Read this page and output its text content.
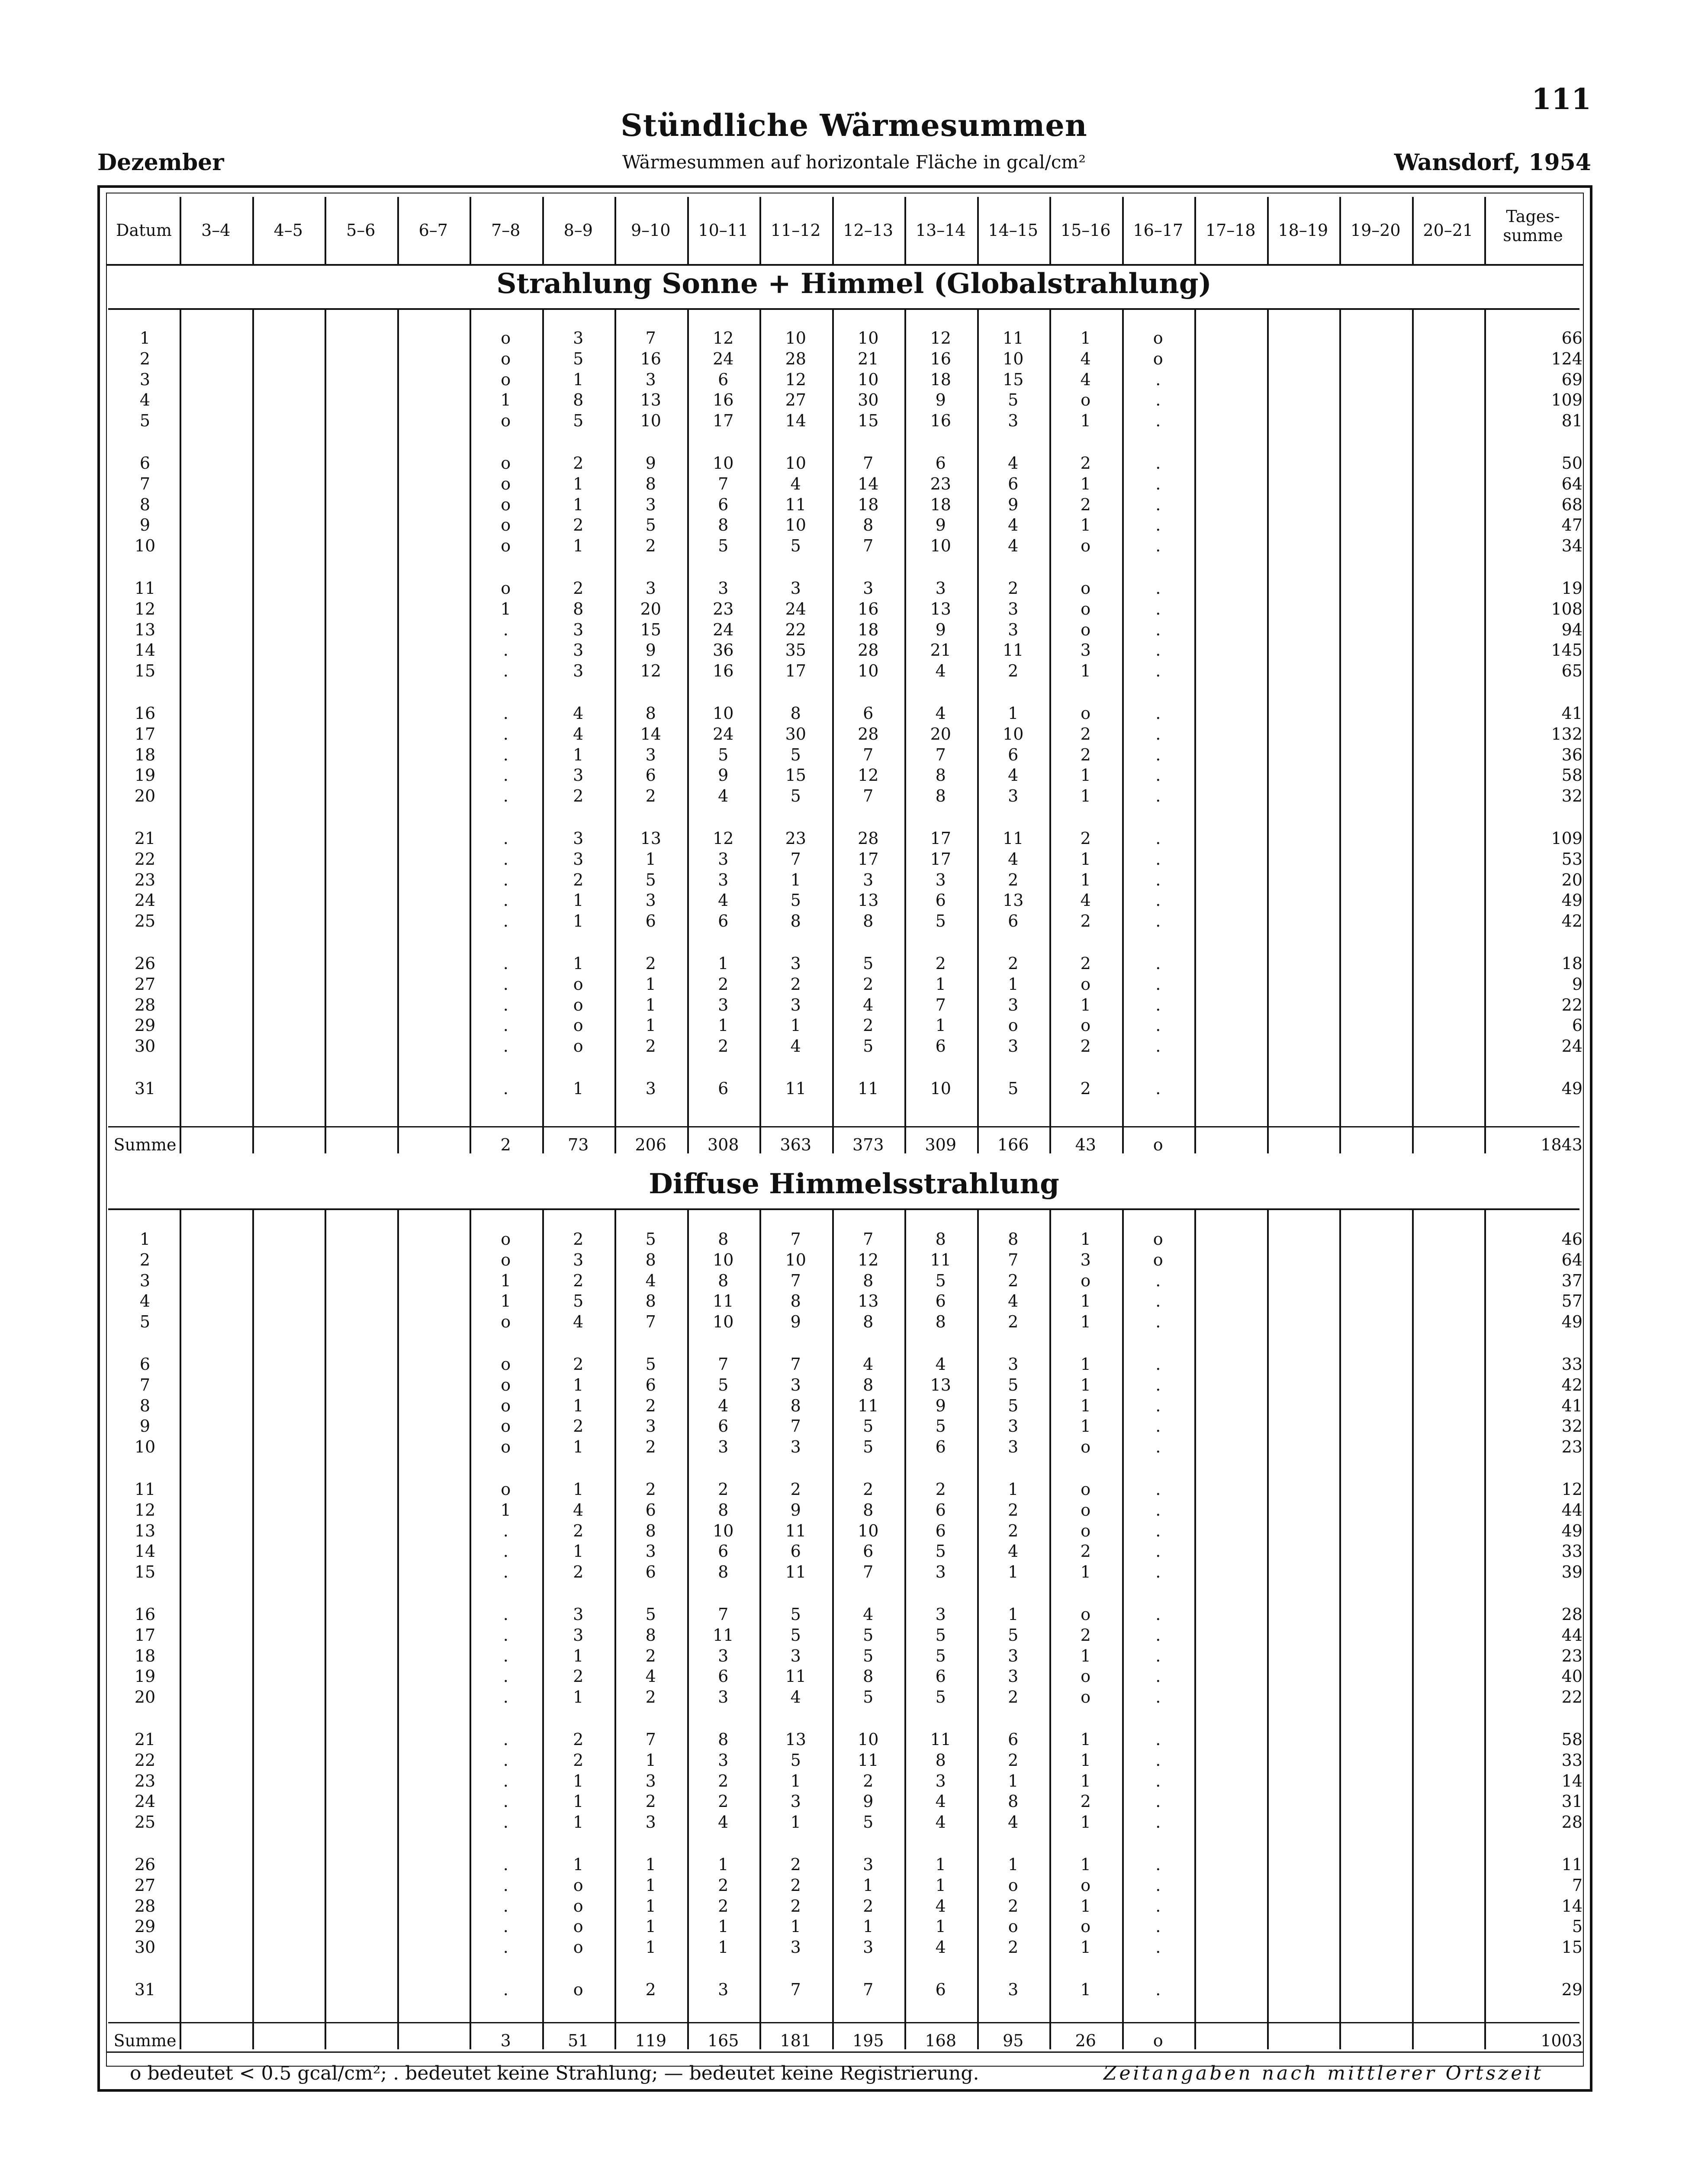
111
Stündliche Wärmesummen
Wärmesummen auf horizontale Fläche in gcal/cm²
Dezember	Wansdorf, 1954
Datum	3–4	4–5	5–6	6–7	7–8	8–9	9–10	10–11	11–12	12–13	13–14	14–15	15–16	16–17	17–18	18–19	19–20	20–21
Tages-
summe
Strahlung Sonne + Himmel (Globalstrahlung)
1	o	3	7	12	10	10	12	11	1	o	66
2	o	5	16	24	28	21	16	10	4	o	124
3	o	1	3	6	12	10	18	15	4	.	69
4	1	8	13	16	27	30	9	5	o	.	109
5	o	5	10	17	14	15	16	3	1	.	81
6	o	2	9	10	10	7	6	4	2	.	50
7	o	1	8	7	4	14	23	6	1	.	64
8	o	1	3	6	11	18	18	9	2	.	68
9	o	2	5	8	10	8	9	4	1	.	47
10	o	1	2	5	5	7	10	4	o	.	34
11	o	2	3	3	3	3	3	2	o	.	19
12	1	8	20	23	24	16	13	3	o	.	108
13	.	3	15	24	22	18	9	3	o	.	94
14	.	3	9	36	35	28	21	11	3	.	145
15	.	3	12	16	17	10	4	2	1	.	65
16	.	4	8	10	8	6	4	1	o	.	41
17	.	4	14	24	30	28	20	10	2	.	132
18	.	1	3	5	5	7	7	6	2	.	36
19	.	3	6	9	15	12	8	4	1	.	58
20	.	2	2	4	5	7	8	3	1	.	32
21	.	3	13	12	23	28	17	11	2	.	109
22	.	3	1	3	7	17	17	4	1	.	53
23	.	2	5	3	1	3	3	2	1	.	20
24	.	1	3	4	5	13	6	13	4	.	49
25	.	1	6	6	8	8	5	6	2	.	42
26	.	1	2	1	3	5	2	2	2	.	18
27	.	o	1	2	2	2	1	1	o	.	9
28	.	o	1	3	3	4	7	3	1	.	22
29	.	o	1	1	1	2	1	o	o	.	6
30	.	o	2	2	4	5	6	3	2	.	24
31	.	1	3	6	11	11	10	5	2	.	49
Summe	2	73	206	308	363	373	309	166	43	o	1843
Diffuse Himmelsstrahlung
1	o	2	5	8	7	7	8	8	1	o	46
2	o	3	8	10	10	12	11	7	3	o	64
3	1	2	4	8	7	8	5	2	o	.	37
4	1	5	8	11	8	13	6	4	1	.	57
5	o	4	7	10	9	8	8	2	1	.	49
6	o	2	5	7	7	4	4	3	1	.	33
7	o	1	6	5	3	8	13	5	1	.	42
8	o	1	2	4	8	11	9	5	1	.	41
9	o	2	3	6	7	5	5	3	1	.	32
10	o	1	2	3	3	5	6	3	o	.	23
11	o	1	2	2	2	2	2	1	o	.	12
12	1	4	6	8	9	8	6	2	o	.	44
13	.	2	8	10	11	10	6	2	o	.	49
14	.	1	3	6	6	6	5	4	2	.	33
15	.	2	6	8	11	7	3	1	1	.	39
16	.	3	5	7	5	4	3	1	o	.	28
17	.	3	8	11	5	5	5	5	2	.	44
18	.	1	2	3	3	5	5	3	1	.	23
19	.	2	4	6	11	8	6	3	o	.	40
20	.	1	2	3	4	5	5	2	o	.	22
21	.	2	7	8	13	10	11	6	1	.	58
22	.	2	1	3	5	11	8	2	1	.	33
23	.	1	3	2	1	2	3	1	1	.	14
24	.	1	2	2	3	9	4	8	2	.	31
25	.	1	3	4	1	5	4	4	1	.	28
26	.	1	1	1	2	3	1	1	1	.	11
27	.	o	1	2	2	1	1	o	o	.	7
28	.	o	1	2	2	2	4	2	1	.	14
29	.	o	1	1	1	1	1	o	o	.	5
30	.	o	1	1	3	3	4	2	1	.	15
31	.	o	2	3	7	7	6	3	1	.	29
Summe	3	51	119	165	181	195	168	95	26	o	1003
o bedeutet < 0.5 gcal/cm²; . bedeutet keine Strahlung; — bedeutet keine Registrierung.	Zeitangaben nach mittlerer Ortszeit
